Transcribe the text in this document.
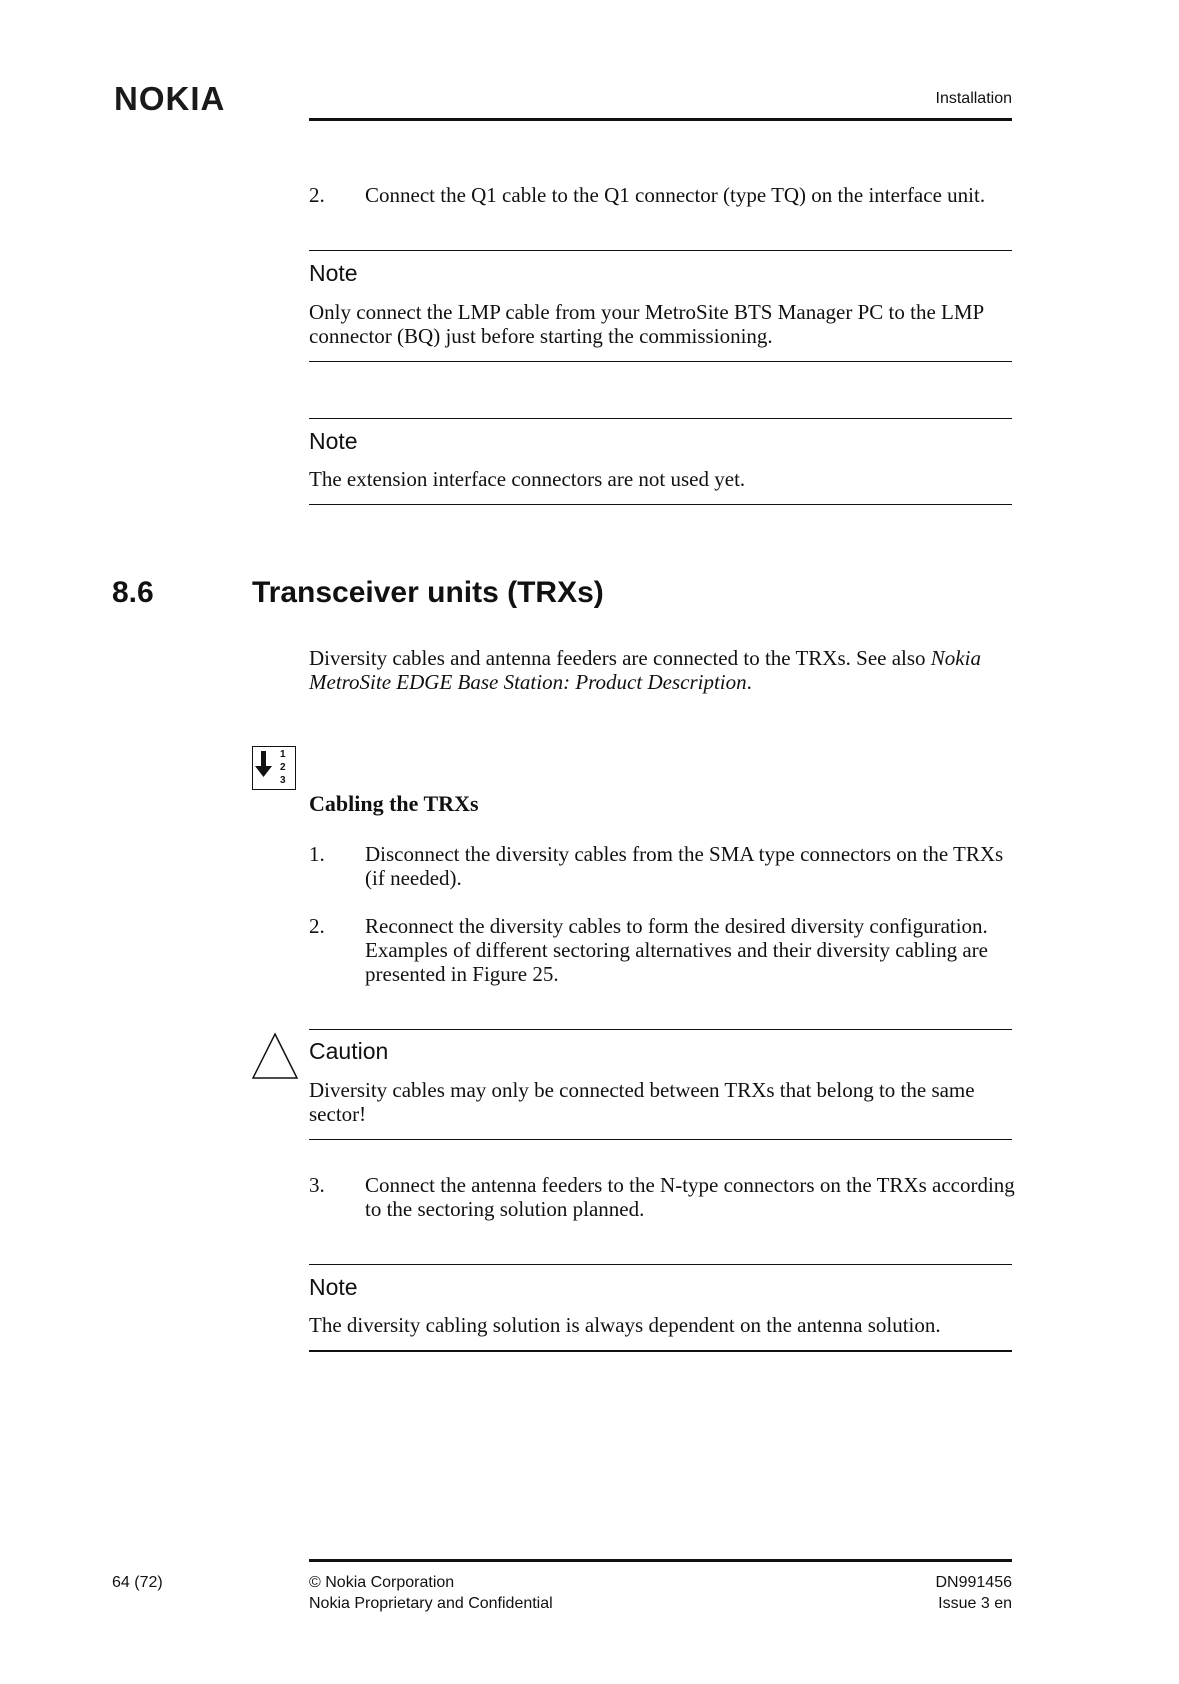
NOKIA	Installation
2. Connect the Q1 cable to the Q1 connector (type TQ) on the interface unit.
Note
Only connect the LMP cable from your MetroSite BTS Manager PC to the LMP connector (BQ) just before starting the commissioning.
Note
The extension interface connectors are not used yet.
8.6	Transceiver units (TRXs)
Diversity cables and antenna feeders are connected to the TRXs. See also Nokia MetroSite EDGE Base Station: Product Description.
1
2
3
Cabling the TRXs
1. Disconnect the diversity cables from the SMA type connectors on the TRXs (if needed).
2. Reconnect the diversity cables to form the desired diversity configuration. Examples of different sectoring alternatives and their diversity cabling are presented in Figure 25.
Caution
Diversity cables may only be connected between TRXs that belong to the same sector!
3. Connect the antenna feeders to the N-type connectors on the TRXs according to the sectoring solution planned.
Note
The diversity cabling solution is always dependent on the antenna solution.
64 (72)	© Nokia Corporation
Nokia Proprietary and Confidential
DN991456
Issue 3 en
